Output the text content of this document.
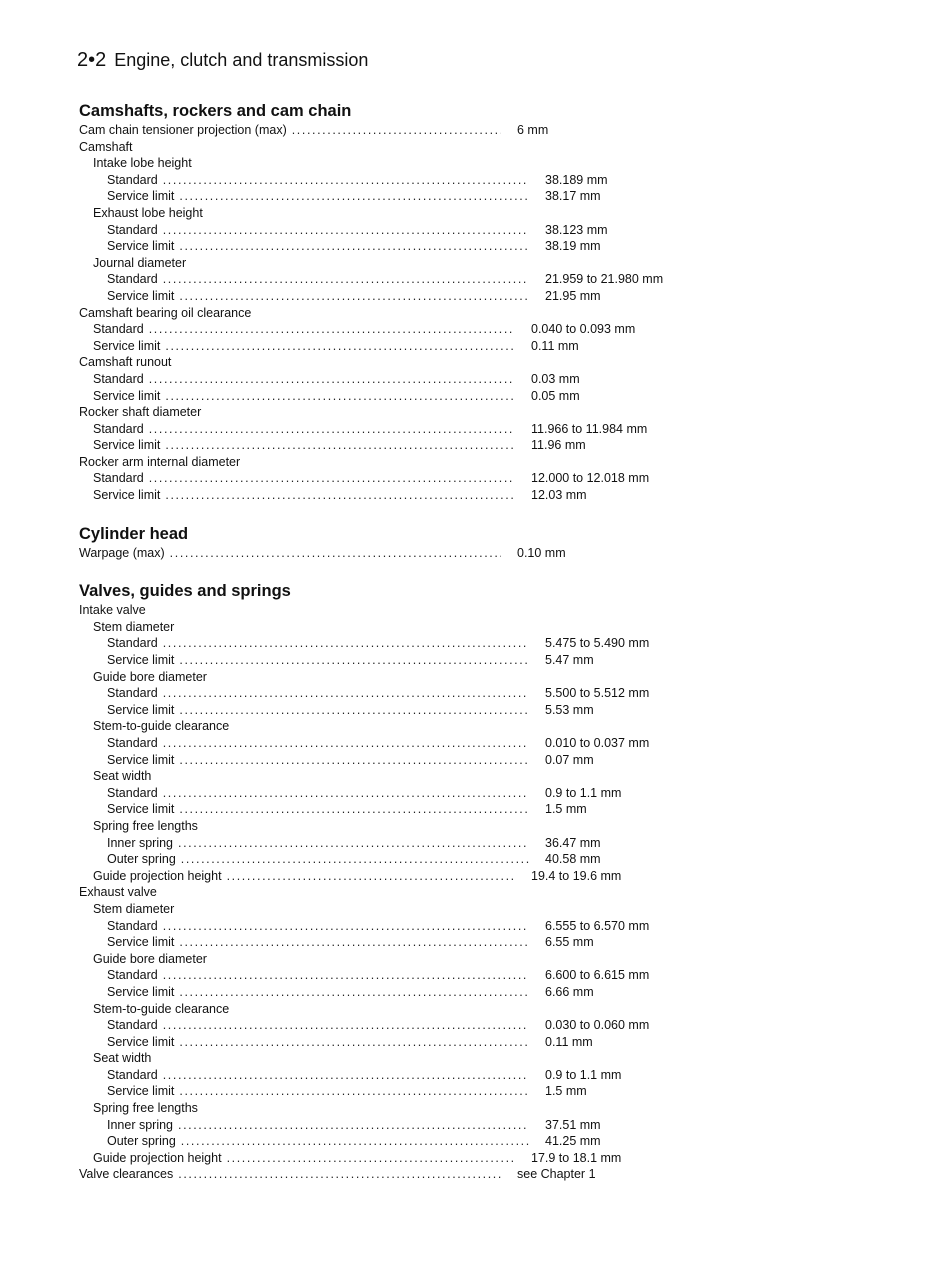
2•2 Engine, clutch and transmission
Camshafts, rockers and cam chain
Cam chain tensioner projection (max) .....	6 mm
Camshaft
Intake lobe height
Standard .....	38.189 mm
Service limit .....	38.17 mm
Exhaust lobe height
Standard .....	38.123 mm
Service limit .....	38.19 mm
Journal diameter
Standard .....	21.959 to 21.980 mm
Service limit .....	21.95 mm
Camshaft bearing oil clearance
Standard .....	0.040 to 0.093 mm
Service limit .....	0.11 mm
Camshaft runout
Standard .....	0.03 mm
Service limit .....	0.05 mm
Rocker shaft diameter
Standard .....	11.966 to 11.984 mm
Service limit .....	11.96 mm
Rocker arm internal diameter
Standard .....	12.000 to 12.018 mm
Service limit .....	12.03 mm
Cylinder head
Warpage (max) .....	0.10 mm
Valves, guides and springs
Intake valve
Stem diameter
Standard .....	5.475 to 5.490 mm
Service limit .....	5.47 mm
Guide bore diameter
Standard .....	5.500 to 5.512 mm
Service limit .....	5.53 mm
Stem-to-guide clearance
Standard .....	0.010 to 0.037 mm
Service limit .....	0.07 mm
Seat width
Standard .....	0.9 to 1.1 mm
Service limit .....	1.5 mm
Spring free lengths
Inner spring .....	36.47 mm
Outer spring .....	40.58 mm
Guide projection height .....	19.4 to 19.6 mm
Exhaust valve
Stem diameter
Standard .....	6.555 to 6.570 mm
Service limit .....	6.55 mm
Guide bore diameter
Standard .....	6.600 to 6.615 mm
Service limit .....	6.66 mm
Stem-to-guide clearance
Standard .....	0.030 to 0.060 mm
Service limit .....	0.11 mm
Seat width
Standard .....	0.9 to 1.1 mm
Service limit .....	1.5 mm
Spring free lengths
Inner spring .....	37.51 mm
Outer spring .....	41.25 mm
Guide projection height .....	17.9 to 18.1 mm
Valve clearances .....	see Chapter 1
